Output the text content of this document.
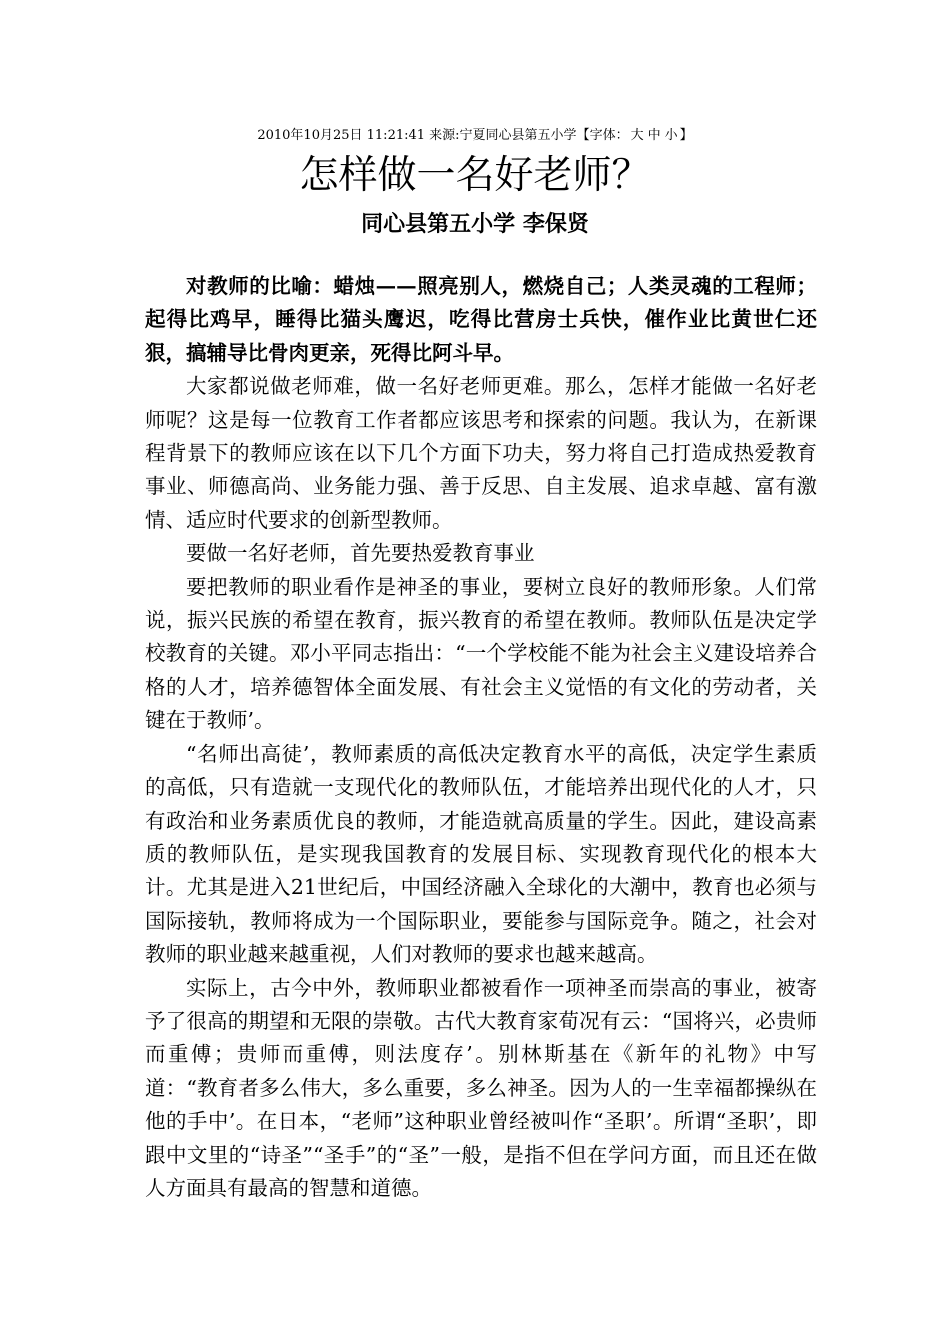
2010年10月25日 11:21:41 来源:宁夏同心县第五小学【字体： 大 中 小 】
怎样做一名好老师？
同心县第五小学 李保贤

对教师的比喻：蜡烛——照亮别人，燃烧自己；人类灵魂的工程师；起得比鸡早，睡得比猫头鹰迟，吃得比营房士兵快，催作业比黄世仁还狠，搞辅导比骨肉更亲，死得比阿斗早。

大家都说做老师难，做一名好老师更难。那么，怎样才能做一名好老师呢？这是每一位教育工作者都应该思考和探索的问题。我认为，在新课程背景下的教师应该在以下几个方面下功夫，努力将自己打造成热爱教育事业、师德高尚、业务能力强、善于反思、自主发展、追求卓越、富有激情、适应时代要求的创新型教师。

要做一名好老师，首先要热爱教育事业

要把教师的职业看作是神圣的事业，要树立良好的教师形象。人们常说，振兴民族的希望在教育，振兴教育的希望在教师。教师队伍是决定学校教育的关键。邓小平同志指出：“一个学校能不能为社会主义建设培养合格的人才，培养德智体全面发展、有社会主义觉悟的有文化的劳动者，关键在于教师’。

“名师出高徒’，教师素质的高低决定教育水平的高低，决定学生素质的高低，只有造就一支现代化的教师队伍，才能培养出现代化的人才，只有政治和业务素质优良的教师，才能造就高质量的学生。因此，建设高素质的教师队伍，是实现我国教育的发展目标、实现教育现代化的根本大计。尤其是进入21世纪后，中国经济融入全球化的大潮中，教育也必须与国际接轨，教师将成为一个国际职业，要能参与国际竞争。随之，社会对教师的职业越来越重视，人们对教师的要求也越来越高。

实际上，古今中外，教师职业都被看作一项神圣而崇高的事业，被寄予了很高的期望和无限的崇敬。古代大教育家荀况有云：“国将兴，必贵师而重傅；贵师而重傅，则法度存’。别林斯基在《新年的礼物》中写道：“教育者多么伟大，多么重要，多么神圣。因为人的一生幸福都操纵在他的手中’。在日本，“老师”这种职业曾经被叫作“圣职’。所谓“圣职’，即跟中文里的“诗圣”“圣手”的“圣”一般，是指不但在学问方面，而且还在做人方面具有最高的智慧和道德。
